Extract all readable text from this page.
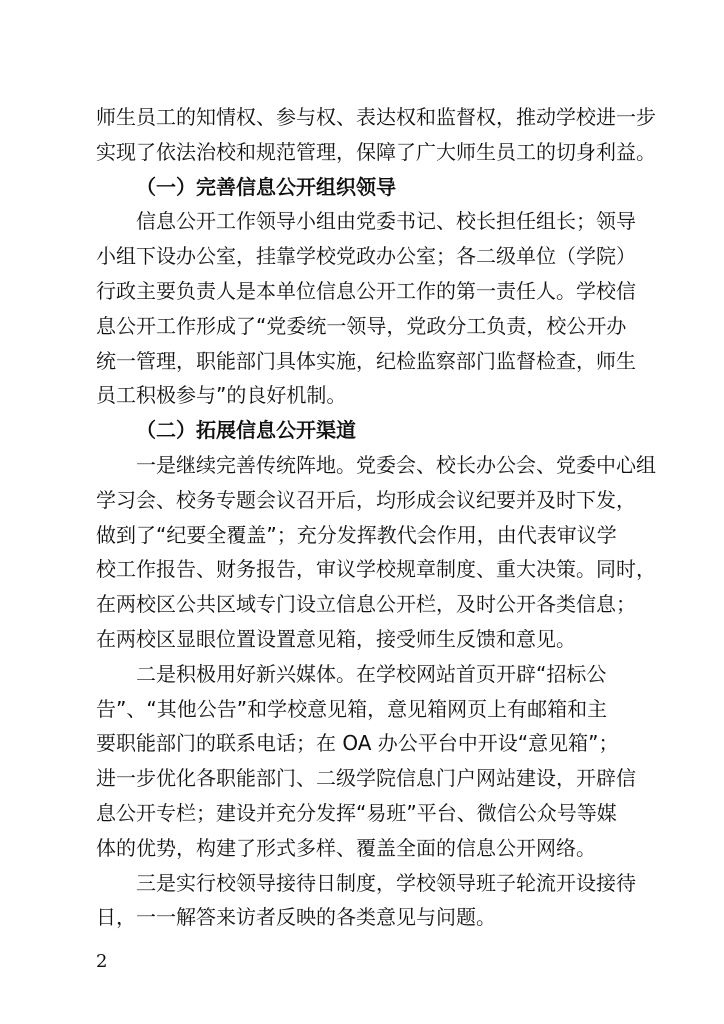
师生员工的知情权、参与权、表达权和监督权，推动学校进一步
实现了依法治校和规范管理，保障了广大师生员工的切身利益。
（一）完善信息公开组织领导
信息公开工作领导小组由党委书记、校长担任组长；领导
小组下设办公室，挂靠学校党政办公室；各二级单位（学院）
行政主要负责人是本单位信息公开工作的第一责任人。学校信
息公开工作形成了“党委统一领导，党政分工负责，校公开办
统一管理，职能部门具体实施，纪检监察部门监督检查，师生
员工积极参与”的良好机制。
（二）拓展信息公开渠道
一是继续完善传统阵地。党委会、校长办公会、党委中心组
学习会、校务专题会议召开后，均形成会议纪要并及时下发，
做到了“纪要全覆盖”；充分发挥教代会作用，由代表审议学
校工作报告、财务报告，审议学校规章制度、重大决策。同时，
在两校区公共区域专门设立信息公开栏，及时公开各类信息；
在两校区显眼位置设置意见箱，接受师生反馈和意见。
二是积极用好新兴媒体。在学校网站首页开辟“招标公
告”、“其他公告”和学校意见箱，意见箱网页上有邮箱和主
要职能部门的联系电话；在 OA 办公平台中开设“意见箱”；
进一步优化各职能部门、二级学院信息门户网站建设，开辟信
息公开专栏；建设并充分发挥“易班”平台、微信公众号等媒
体的优势，构建了形式多样、覆盖全面的信息公开网络。
三是实行校领导接待日制度，学校领导班子轮流开设接待
日，一一解答来访者反映的各类意见与问题。
2
